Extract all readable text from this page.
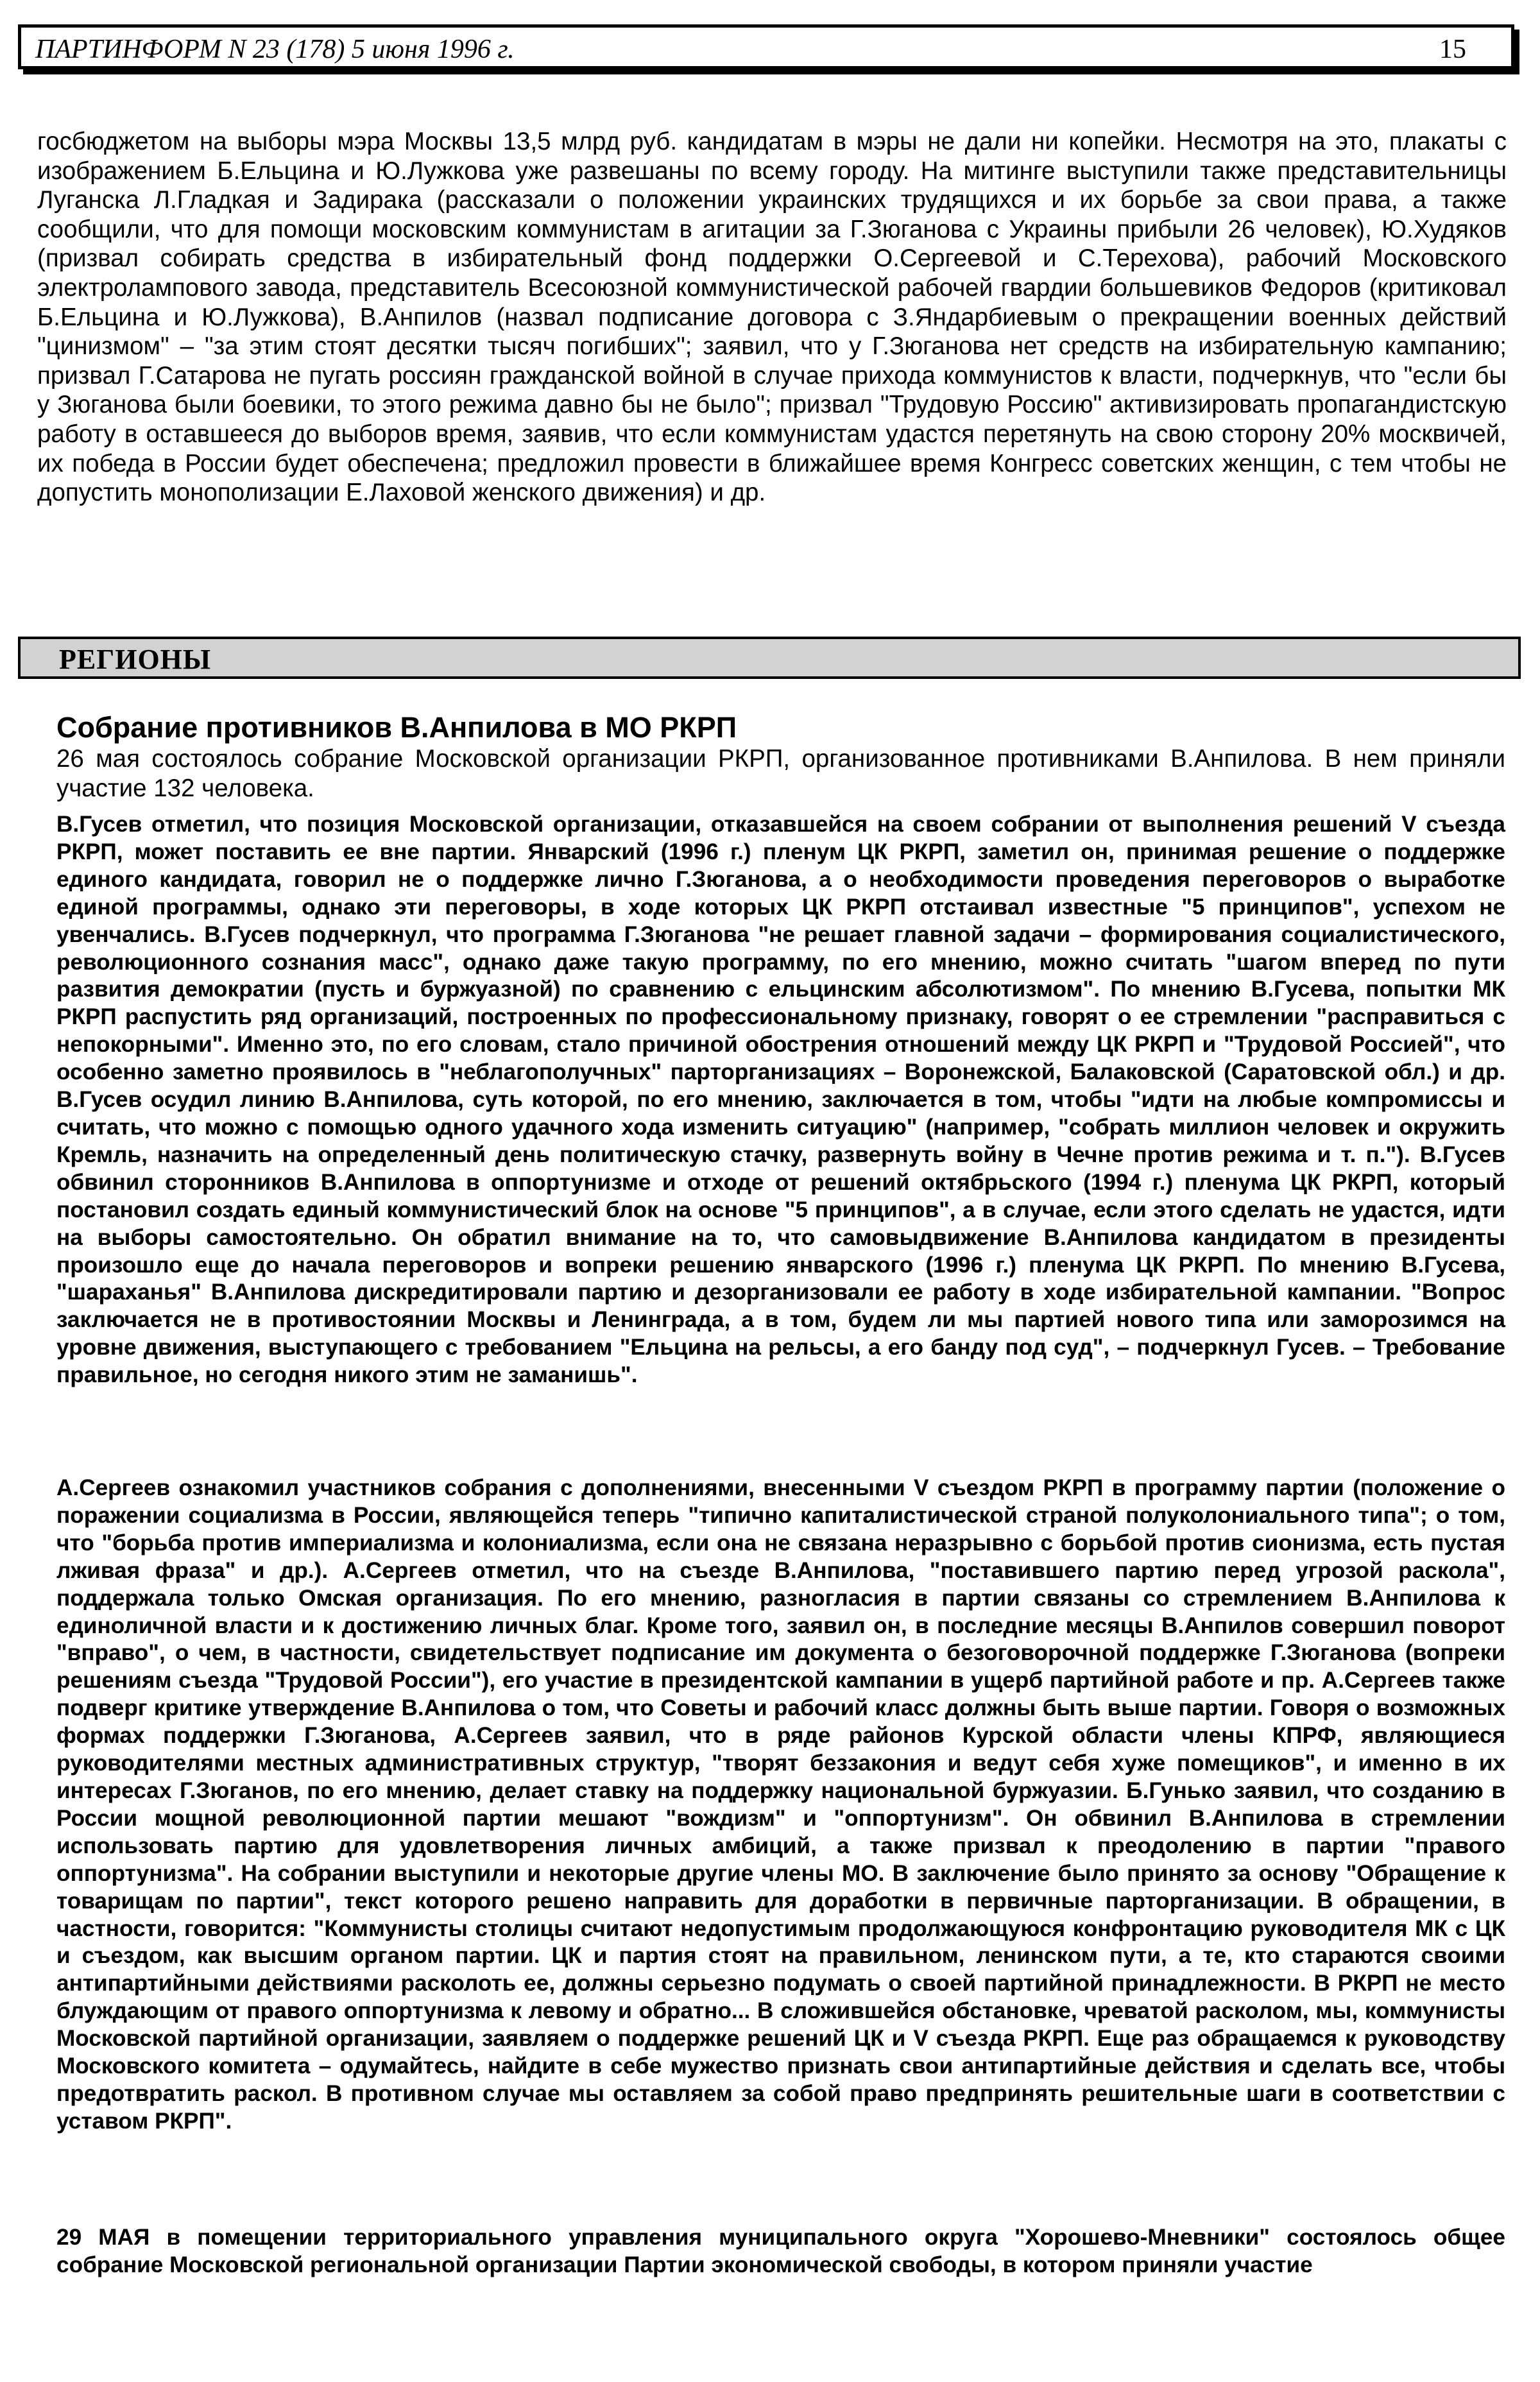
ПАРТИНФОРМ N 23 (178) 5 июня 1996 г.	15

госбюджетом на выборы мэра Москвы 13,5 млрд руб. кандидатам в мэры не дали ни копейки. Несмотря на это, плакаты с изображением Б.Ельцина и Ю.Лужкова уже развешаны по всему городу. На митинге выступили также представительницы Луганска Л.Гладкая и Задирака (рассказали о положении украинских трудящихся и их борьбе за свои права, а также сообщили, что для помощи московским коммунистам в агитации за Г.Зюганова с Украины прибыли 26 человек), Ю.Худяков (призвал собирать средства в избирательный фонд поддержки О.Сергеевой и С.Терехова), рабочий Московского электролампового завода, представитель Всесоюзной коммунистической рабочей гвардии большевиков Федоров (критиковал Б.Ельцина и Ю.Лужкова), В.Анпилов (назвал подписание договора с З.Яндарбиевым о прекращении военных действий "цинизмом" – "за этим стоят десятки тысяч погибших"; заявил, что у Г.Зюганова нет средств на избирательную кампанию; призвал Г.Сатарова не пугать россиян гражданской войной в случае прихода коммунистов к власти, подчеркнув, что "если бы у Зюганова были боевики, то этого режима давно бы не было"; призвал "Трудовую Россию" активизировать пропагандистскую работу в оставшееся до выборов время, заявив, что если коммунистам удастся перетянуть на свою сторону 20% москвичей, их победа в России будет обеспечена; предложил провести в ближайшее время Конгресс советских женщин, с тем чтобы не допустить монополизации Е.Лаховой женского движения) и др.

РЕГИОНЫ
Собрание противников В.Анпилова в МО РКРП

26 мая состоялось собрание Московской организации РКРП, организованное противниками В.Анпилова. В нем приняли участие 132 человека.

В.Гусев отметил, что позиция Московской организации, отказавшейся на своем собрании от выполнения решений V съезда РКРП, может поставить ее вне партии. Январский (1996 г.) пленум ЦК РКРП, заметил он, принимая решение о поддержке единого кандидата, говорил не о поддержке лично Г.Зюганова, а о необходимости проведения переговоров о выработке единой программы, однако эти переговоры, в ходе которых ЦК РКРП отстаивал известные "5 принципов", успехом не увенчались. В.Гусев подчеркнул, что программа Г.Зюганова "не решает главной задачи – формирования социалистического, революционного сознания масс", однако даже такую программу, по его мнению, можно считать "шагом вперед по пути развития демократии (пусть и буржуазной) по сравнению с ельцинским абсолютизмом". По мнению В.Гусева, попытки МК РКРП распустить ряд организаций, построенных по профессиональному признаку, говорят о ее стремлении "расправиться с непокорными". Именно это, по его словам, стало причиной обострения отношений между ЦК РКРП и "Трудовой Россией", что особенно заметно проявилось в "неблагополучных" парторганизациях – Воронежской, Балаковской (Саратовской обл.) и др. В.Гусев осудил линию В.Анпилова, суть которой, по его мнению, заключается в том, чтобы "идти на любые компромиссы и считать, что можно с помощью одного удачного хода изменить ситуацию" (например, "собрать миллион человек и окружить Кремль, назначить на определенный день политическую стачку, развернуть войну в Чечне против режима и т. п."). В.Гусев обвинил сторонников В.Анпилова в оппортунизме и отходе от решений октябрьского (1994 г.) пленума ЦК РКРП, который постановил создать единый коммунистический блок на основе "5 принципов", а в случае, если этого сделать не удастся, идти на выборы самостоятельно. Он обратил внимание на то, что самовыдвижение В.Анпилова кандидатом в президенты произошло еще до начала переговоров и вопреки решению январского (1996 г.) пленума ЦК РКРП. По мнению В.Гусева, "шараханья" В.Анпилова дискредитировали партию и дезорганизовали ее работу в ходе избирательной кампании. "Вопрос заключается не в противостоянии Москвы и Ленинграда, а в том, будем ли мы партией нового типа или заморозимся на уровне движения, выступающего с требованием "Ельцина на рельсы, а его банду под суд", – подчеркнул Гусев. – Требование правильное, но сегодня никого этим не заманишь".

А.Сергеев ознакомил участников собрания с дополнениями, внесенными V съездом РКРП в программу партии (положение о поражении социализма в России, являющейся теперь "типично капиталистической страной полуколониального типа"; о том, что "борьба против империализма и колониализма, если она не связана неразрывно с борьбой против сионизма, есть пустая лживая фраза" и др.). А.Сергеев отметил, что на съезде В.Анпилова, "поставившего партию перед угрозой раскола", поддержала только Омская организация. По его мнению, разногласия в партии связаны со стремлением В.Анпилова к единоличной власти и к достижению личных благ. Кроме того, заявил он, в последние месяцы В.Анпилов совершил поворот "вправо", о чем, в частности, свидетельствует подписание им документа о безоговорочной поддержке Г.Зюганова (вопреки решениям съезда "Трудовой России"), его участие в президентской кампании в ущерб партийной работе и пр. А.Сергеев также подверг критике утверждение В.Анпилова о том, что Советы и рабочий класс должны быть выше партии. Говоря о возможных формах поддержки Г.Зюганова, А.Сергеев заявил, что в ряде районов Курской области члены КПРФ, являющиеся руководителями местных административных структур, "творят беззакония и ведут себя хуже помещиков", и именно в их интересах Г.Зюганов, по его мнению, делает ставку на поддержку национальной буржуазии. Б.Гунько заявил, что созданию в России мощной революционной партии мешают "вождизм" и "оппортунизм". Он обвинил В.Анпилова в стремлении использовать партию для удовлетворения личных амбиций, а также призвал к преодолению в партии "правого оппортунизма". На собрании выступили и некоторые другие члены МО. В заключение было принято за основу "Обращение к товарищам по партии", текст которого решено направить для доработки в первичные парторганизации. В обращении, в частности, говорится: "Коммунисты столицы считают недопустимым продолжающуюся конфронтацию руководителя МК с ЦК и съездом, как высшим органом партии. ЦК и партия стоят на правильном, ленинском пути, а те, кто стараются своими антипартийными действиями расколоть ее, должны серьезно подумать о своей партийной принадлежности. В РКРП не место блуждающим от правого оппортунизма к левому и обратно... В сложившейся обстановке, чреватой расколом, мы, коммунисты Московской партийной организации, заявляем о поддержке решений ЦК и V съезда РКРП. Еще раз обращаемся к руководству Московского комитета – одумайтесь, найдите в себе мужество признать свои антипартийные действия и сделать все, чтобы предотвратить раскол. В противном случае мы оставляем за собой право предпринять решительные шаги в соответствии с уставом РКРП".

29 МАЯ в помещении территориального управления муниципального округа "Хорошево-Мневники" состоялось общее собрание Московской региональной организации Партии экономической свободы, в котором приняли участие
